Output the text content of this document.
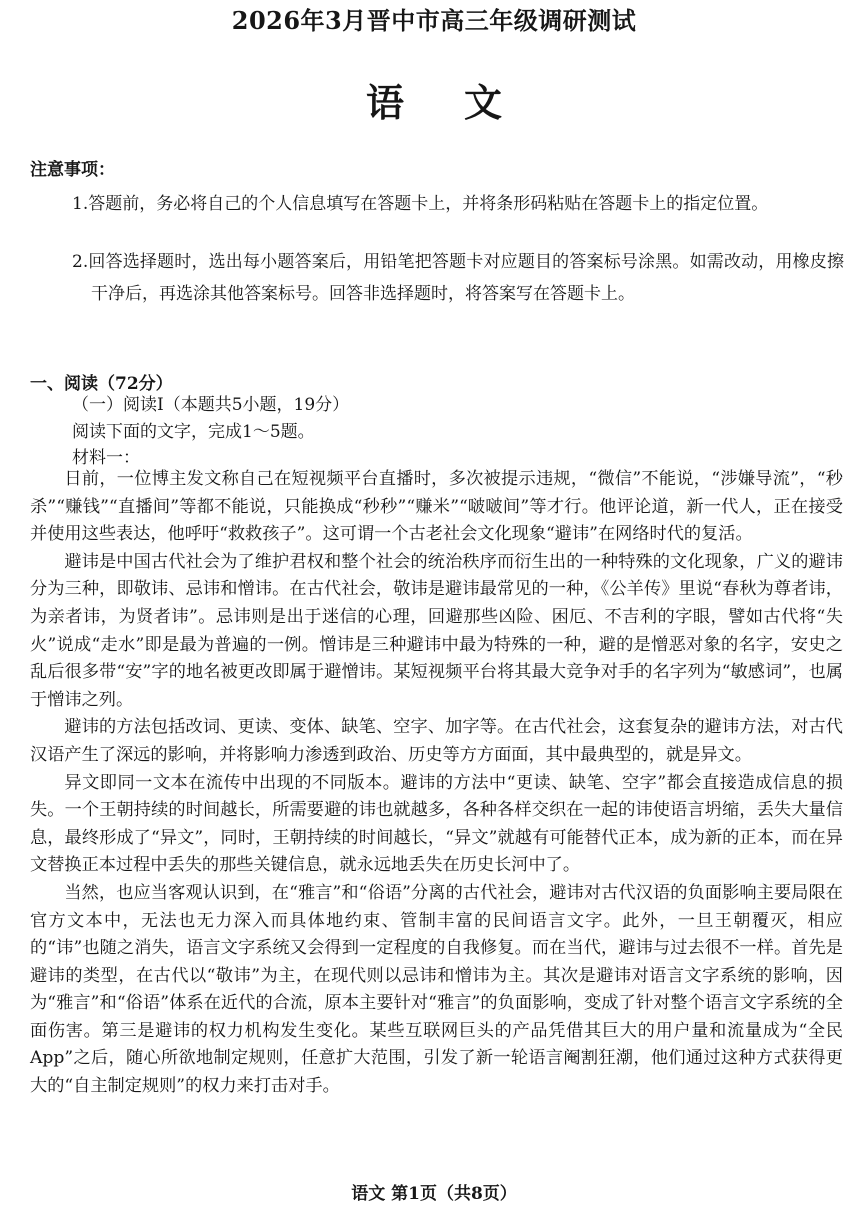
2026年3月晋中市高三年级调研测试
语文
注意事项：
1.答题前，务必将自己的个人信息填写在答题卡上，并将条形码粘贴在答题卡上的指定位置。
2.回答选择题时，选出每小题答案后，用铅笔把答题卡对应题目的答案标号涂黑。如需改动，用橡皮擦干净后，再选涂其他答案标号。回答非选择题时，将答案写在答题卡上。
一、阅读（72分）
（一）阅读Ⅰ（本题共5小题，19分）
阅读下面的文字，完成1～5题。
材料一：

日前，一位博主发文称自己在短视频平台直播时，多次被提示违规，“微信”不能说，“涉嫌导流”，“秒杀”“赚钱”“直播间”等都不能说，只能换成“秒秒”“赚米”“啵啵间”等才行。他评论道，新一代人，正在接受并使用这些表达，他呼吁“救救孩子”。这可谓一个古老社会文化现象“避讳”在网络时代的复活。

避讳是中国古代社会为了维护君权和整个社会的统治秩序而衍生出的一种特殊的文化现象，广义的避讳分为三种，即敬讳、忌讳和憎讳。在古代社会，敬讳是避讳最常见的一种，《公羊传》里说“春秋为尊者讳，为亲者讳，为贤者讳”。忌讳则是出于迷信的心理，回避那些凶险、困厄、不吉利的字眼，譬如古代将“失火”说成“走水”即是最为普遍的一例。憎讳是三种避讳中最为特殊的一种，避的是憎恶对象的名字，安史之乱后很多带“安”字的地名被更改即属于避憎讳。某短视频平台将其最大竞争对手的名字列为“敏感词”，也属于憎讳之列。

避讳的方法包括改词、更读、变体、缺笔、空字、加字等。在古代社会，这套复杂的避讳方法，对古代汉语产生了深远的影响，并将影响力渗透到政治、历史等方方面面，其中最典型的，就是异文。

异文即同一文本在流传中出现的不同版本。避讳的方法中“更读、缺笔、空字”都会直接造成信息的损失。一个王朝持续的时间越长，所需要避的讳也就越多，各种各样交织在一起的讳使语言坍缩，丢失大量信息，最终形成了“异文”，同时，王朝持续的时间越长，“异文”就越有可能替代正本，成为新的正本，而在异文替换正本过程中丢失的那些关键信息，就永远地丢失在历史长河中了。

当然，也应当客观认识到，在“雅言”和“俗语”分离的古代社会，避讳对古代汉语的负面影响主要局限在官方文本中，无法也无力深入而具体地约束、管制丰富的民间语言文字。此外，一旦王朝覆灭，相应的“讳”也随之消失，语言文字系统又会得到一定程度的自我修复。而在当代，避讳与过去很不一样。首先是避讳的类型，在古代以“敬讳”为主，在现代则以忌讳和憎讳为主。其次是避讳对语言文字系统的影响，因为“雅言”和“俗语”体系在近代的合流，原本主要针对“雅言”的负面影响，变成了针对整个语言文字系统的全面伤害。第三是避讳的权力机构发生变化。某些互联网巨头的产品凭借其巨大的用户量和流量成为“全民App”之后，随心所欲地制定规则，任意扩大范围，引发了新一轮语言阉割狂潮，他们通过这种方式获得更大的“自主制定规则”的权力来打击对手。

语文 第1页（共8页）
